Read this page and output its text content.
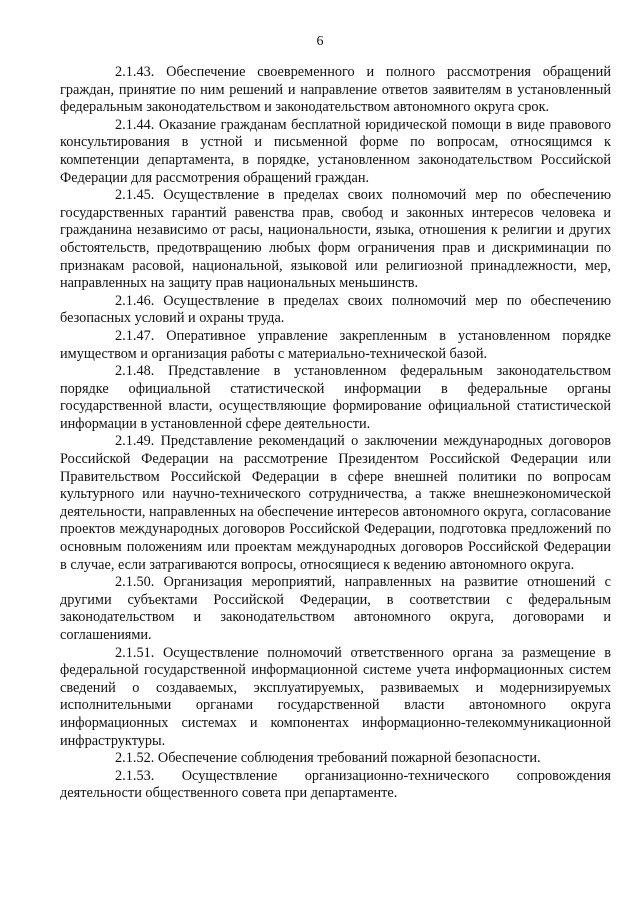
6

2.1.43. Обеспечение своевременного и полного рассмотрения обращений граждан, принятие по ним решений и направление ответов заявителям в установленный федеральным законодательством и законодательством автономного округа срок.

2.1.44. Оказание гражданам бесплатной юридической помощи в виде правового консультирования в устной и письменной форме по вопросам, относящимся к компетенции департамента, в порядке, установленном законодательством Российской Федерации для рассмотрения обращений граждан.

2.1.45. Осуществление в пределах своих полномочий мер по обеспечению государственных гарантий равенства прав, свобод и законных интересов человека и гражданина независимо от расы, национальности, языка, отношения к религии и других обстоятельств, предотвращению любых форм ограничения прав и дискриминации по признакам расовой, национальной, языковой или религиозной принадлежности, мер, направленных на защиту прав национальных меньшинств.

2.1.46. Осуществление в пределах своих полномочий мер по обеспечению безопасных условий и охраны труда.

2.1.47. Оперативное управление закрепленным в установленном порядке имуществом и организация работы с материально-технической базой.

2.1.48. Представление в установленном федеральным законодательством порядке официальной статистической информации в федеральные органы государственной власти, осуществляющие формирование официальной статистической информации в установленной сфере деятельности.

2.1.49. Представление рекомендаций о заключении международных договоров Российской Федерации на рассмотрение Президентом Российской Федерации или Правительством Российской Федерации в сфере внешней политики по вопросам культурного или научно-технического сотрудничества, а также внешнеэкономической деятельности, направленных на обеспечение интересов автономного округа, согласование проектов международных договоров Российской Федерации, подготовка предложений по основным положениям или проектам международных договоров Российской Федерации в случае, если затрагиваются вопросы, относящиеся к ведению автономного округа.

2.1.50. Организация мероприятий, направленных на развитие отношений с другими субъектами Российской Федерации, в соответствии с федеральным законодательством и законодательством автономного округа, договорами и соглашениями.

2.1.51. Осуществление полномочий ответственного органа за размещение в федеральной государственной информационной системе учета информационных систем сведений о создаваемых, эксплуатируемых, развиваемых и модернизируемых исполнительными органами государственной власти автономного округа информационных системах и компонентах информационно-телекоммуникационной инфраструктуры.

2.1.52. Обеспечение соблюдения требований пожарной безопасности.

2.1.53. Осуществление организационно-технического сопровождения деятельности общественного совета при департаменте.
